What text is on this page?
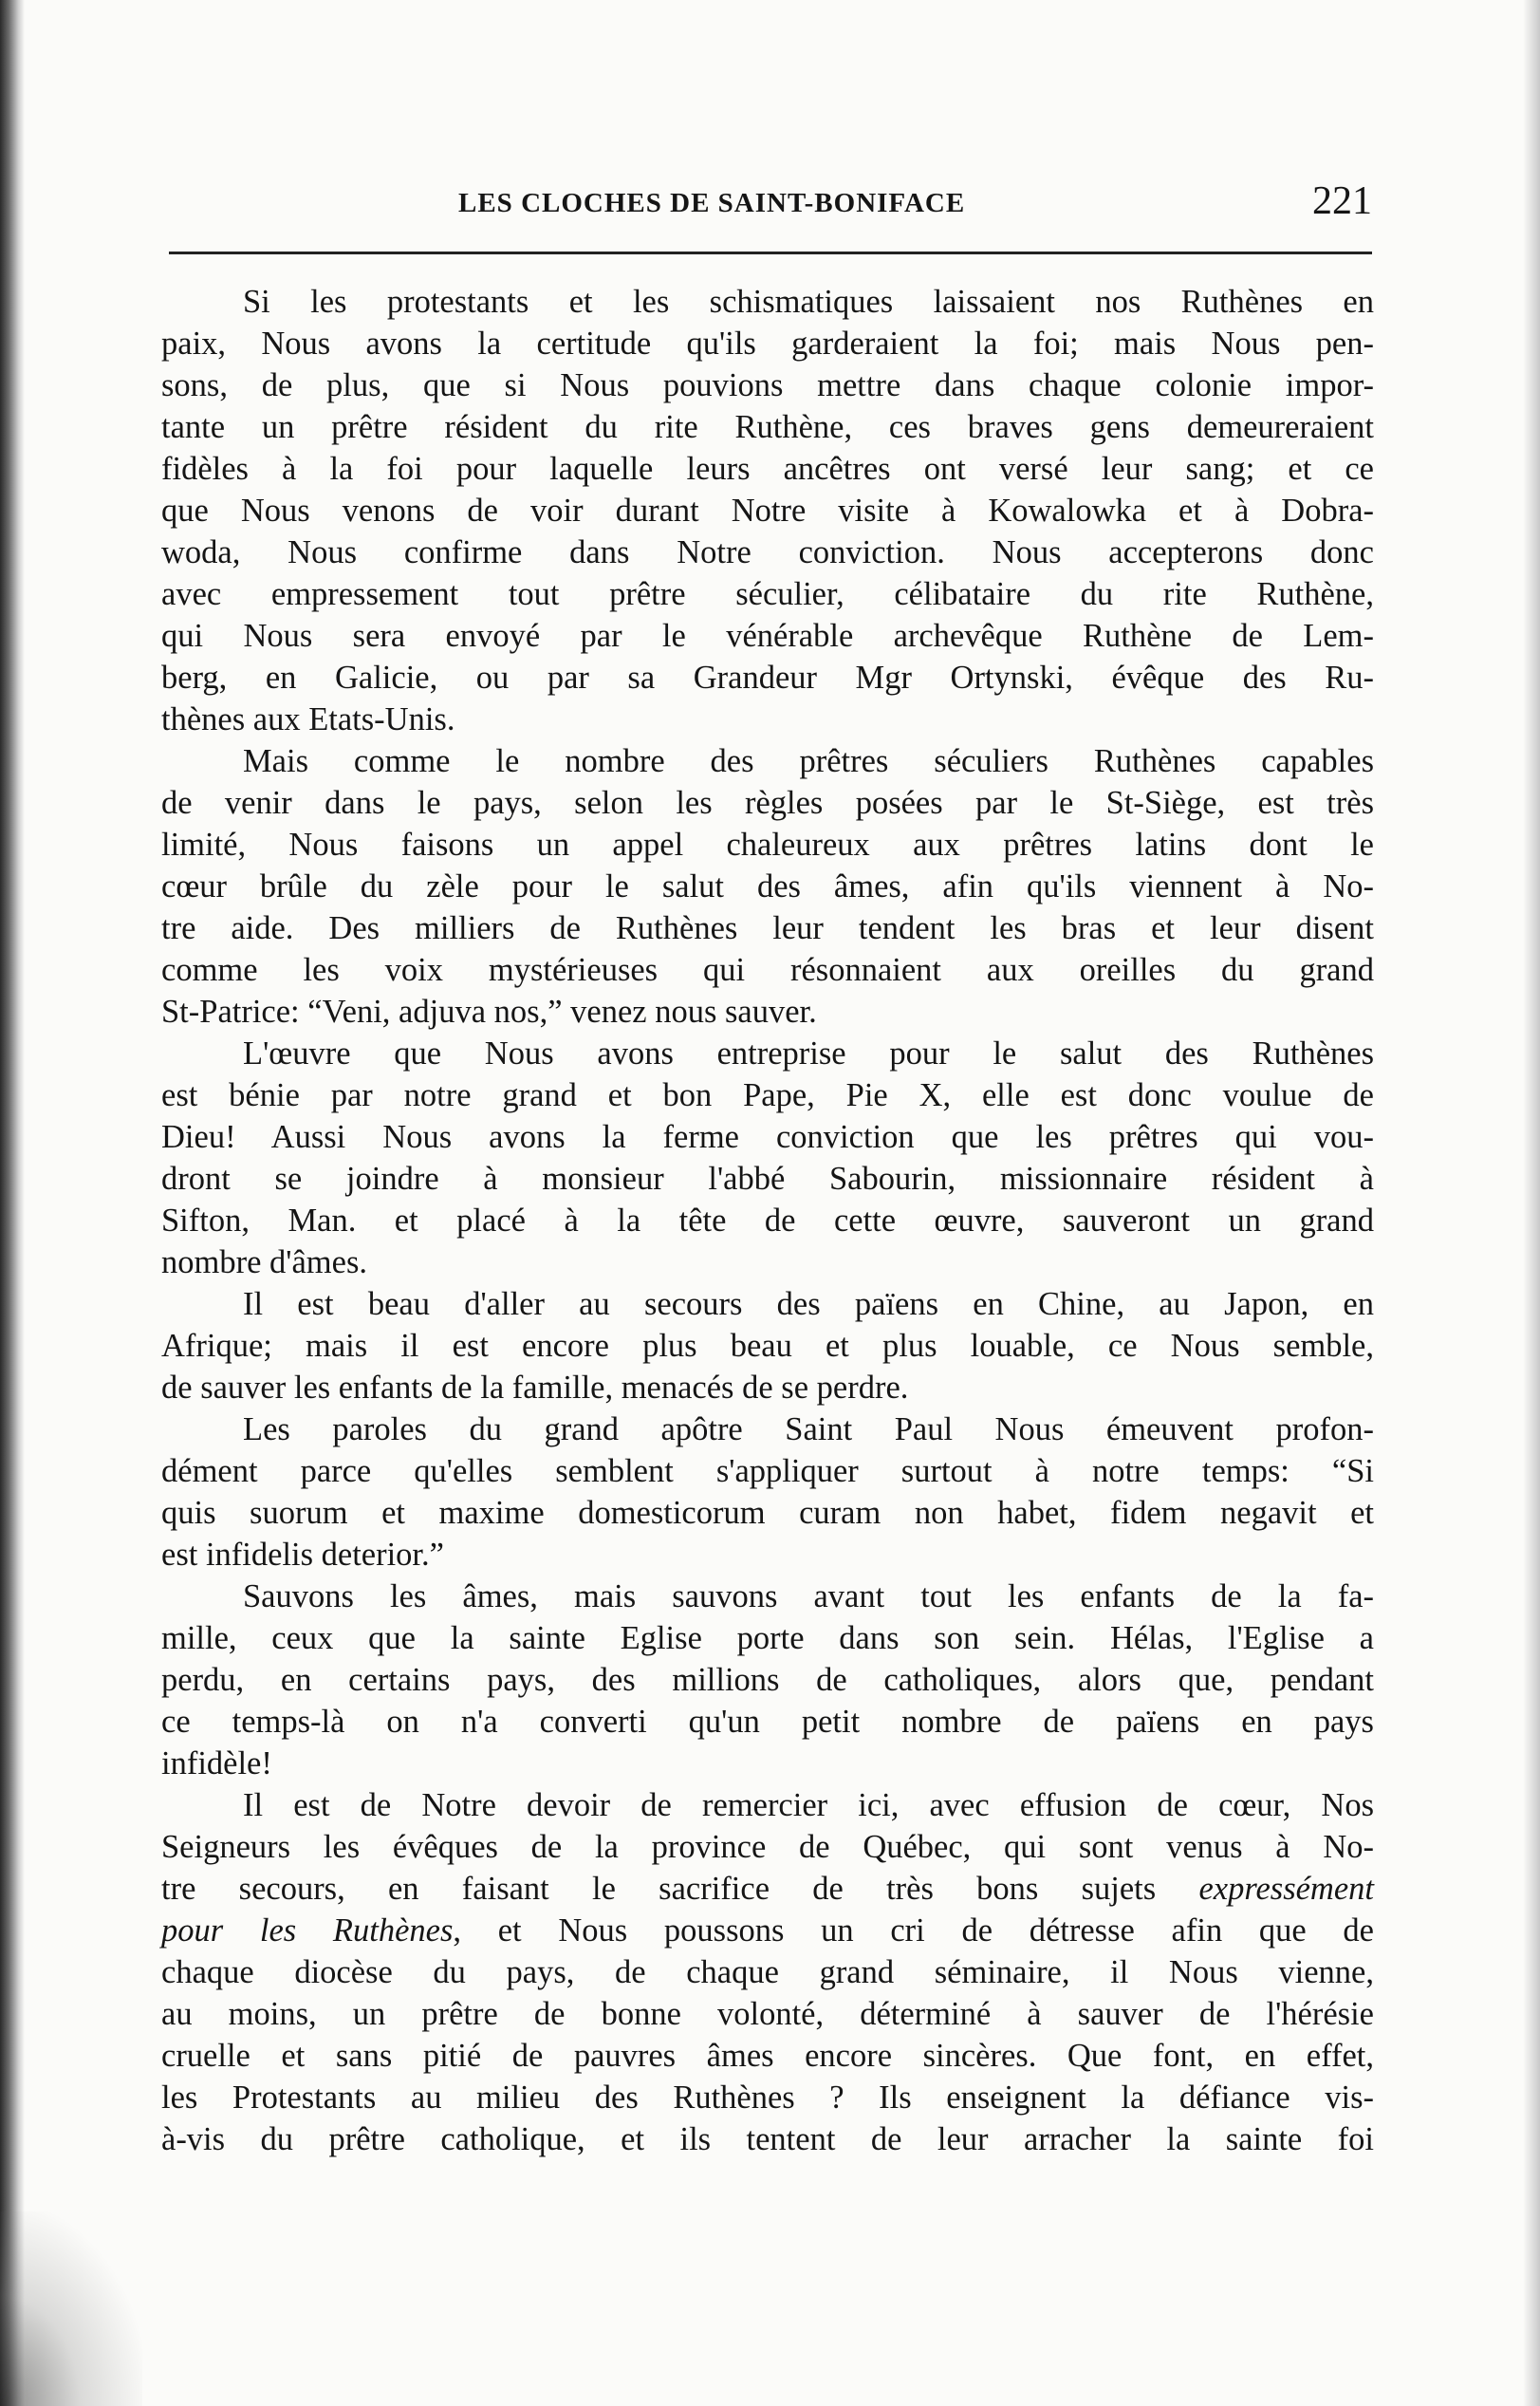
LES CLOCHES DE SAINT-BONIFACE	221
Si les protestants et les schismatiques laissaient nos Ruthènes en
paix, Nous avons la certitude qu'ils garderaient la foi; mais Nous pen-
sons, de plus, que si Nous pouvions mettre dans chaque colonie impor-
tante un prêtre résident du rite Ruthène, ces braves gens demeureraient
fidèles à la foi pour laquelle leurs ancêtres ont versé leur sang; et ce
que Nous venons de voir durant Notre visite à Kowalowka et à Dobra-
woda, Nous confirme dans Notre conviction. Nous accepterons donc
avec empressement tout prêtre séculier, célibataire du rite Ruthène,
qui Nous sera envoyé par le vénérable archevêque Ruthène de Lem-
berg, en Galicie, ou par sa Grandeur Mgr Ortynski, évêque des Ru-
thènes aux Etats-Unis.
Mais comme le nombre des prêtres séculiers Ruthènes capables
de venir dans le pays, selon les règles posées par le St-Siège, est très
limité, Nous faisons un appel chaleureux aux prêtres latins dont le
cœur brûle du zèle pour le salut des âmes, afin qu'ils viennent à No-
tre aide. Des milliers de Ruthènes leur tendent les bras et leur disent
comme les voix mystérieuses qui résonnaient aux oreilles du grand
St-Patrice: “Veni, adjuva nos,” venez nous sauver.
L'œuvre que Nous avons entreprise pour le salut des Ruthènes
est bénie par notre grand et bon Pape, Pie X, elle est donc voulue de
Dieu! Aussi Nous avons la ferme conviction que les prêtres qui vou-
dront se joindre à monsieur l'abbé Sabourin, missionnaire résident à
Sifton, Man. et placé à la tête de cette œuvre, sauveront un grand
nombre d'âmes.
Il est beau d'aller au secours des païens en Chine, au Japon, en
Afrique; mais il est encore plus beau et plus louable, ce Nous semble,
de sauver les enfants de la famille, menacés de se perdre.
Les paroles du grand apôtre Saint Paul Nous émeuvent profon-
dément parce qu'elles semblent s'appliquer surtout à notre temps: “Si
quis suorum et maxime domesticorum curam non habet, fidem negavit et
est infidelis deterior.”
Sauvons les âmes, mais sauvons avant tout les enfants de la fa-
mille, ceux que la sainte Eglise porte dans son sein. Hélas, l'Eglise a
perdu, en certains pays, des millions de catholiques, alors que, pendant
ce temps-là on n'a converti qu'un petit nombre de païens en pays
infidèle!
Il est de Notre devoir de remercier ici, avec effusion de cœur, Nos
Seigneurs les évêques de la province de Québec, qui sont venus à No-
tre secours, en faisant le sacrifice de très bons sujets expressément
pour les Ruthènes, et Nous poussons un cri de détresse afin que de
chaque diocèse du pays, de chaque grand séminaire, il Nous vienne,
au moins, un prêtre de bonne volonté, déterminé à sauver de l'hérésie
cruelle et sans pitié de pauvres âmes encore sincères. Que font, en effet,
les Protestants au milieu des Ruthènes ? Ils enseignent la défiance vis-
à-vis du prêtre catholique, et ils tentent de leur arracher la sainte foi
